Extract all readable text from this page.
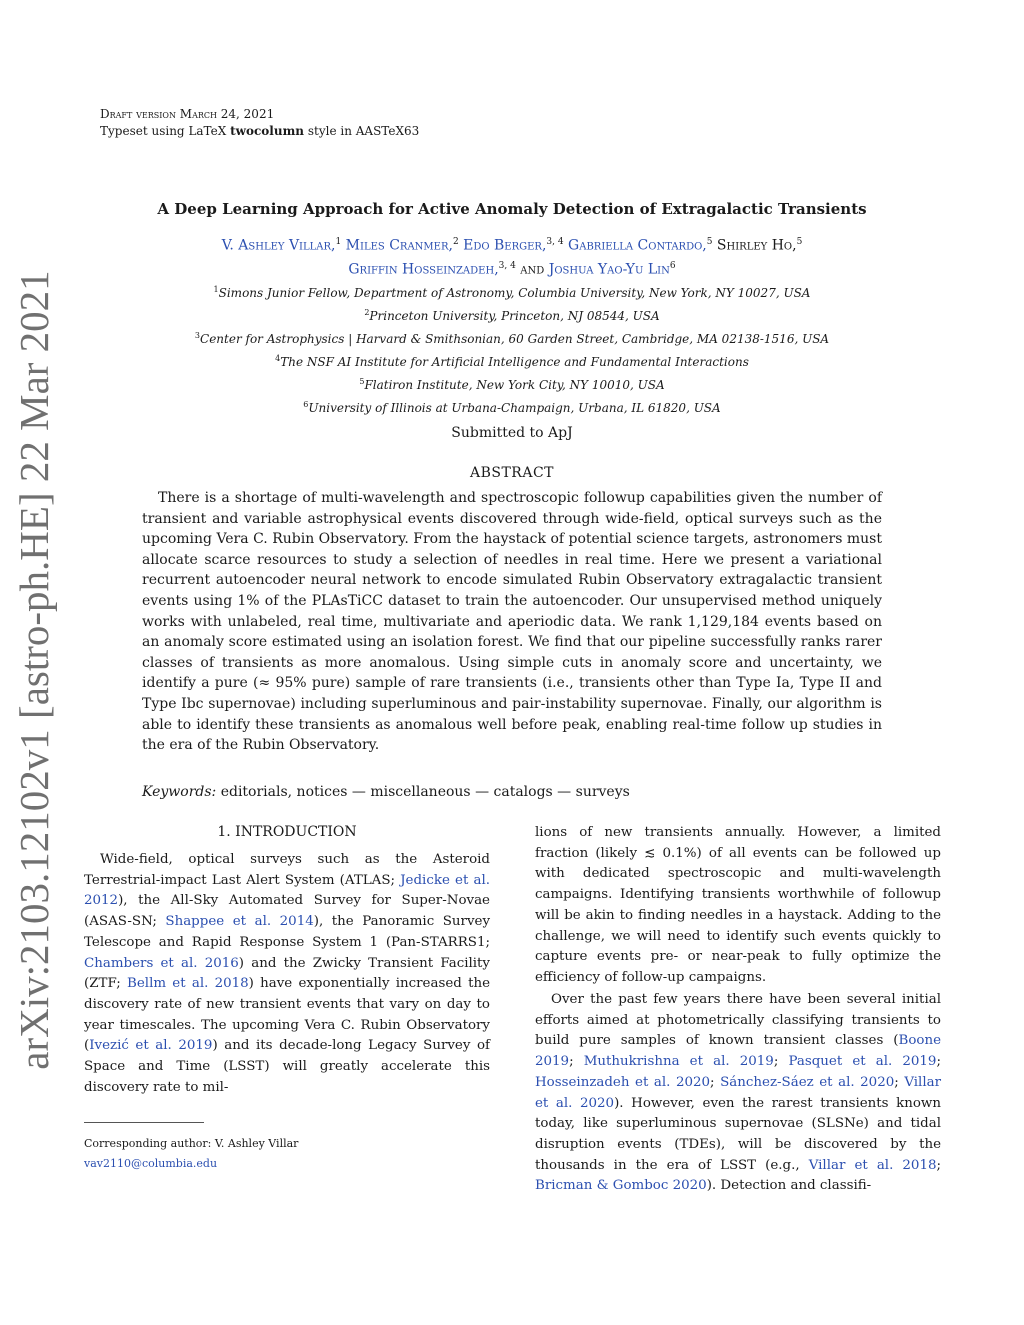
arXiv:2103.12102v1 [astro-ph.HE] 22 Mar 2021
Draft version March 24, 2021
Typeset using LaTeX twocolumn style in AASTeX63
A Deep Learning Approach for Active Anomaly Detection of Extragalactic Transients
V. Ashley Villar,$^1$ Miles Cranmer,$^2$ Edo Berger,$^{3, 4}$ Gabriella Contardo,$^5$ Shirley Ho,$^5$
Griffin Hosseinzadeh,$^{3, 4}$ and Joshua Yao-Yu Lin$^6$
$^1$Simons Junior Fellow, Department of Astronomy, Columbia University, New York, NY 10027, USA
$^2$Princeton University, Princeton, NJ 08544, USA
$^3$Center for Astrophysics | Harvard & Smithsonian, 60 Garden Street, Cambridge, MA 02138-1516, USA
$^4$The NSF AI Institute for Artificial Intelligence and Fundamental Interactions
$^5$Flatiron Institute, New York City, NY 10010, USA
$^6$University of Illinois at Urbana-Champaign, Urbana, IL 61820, USA
Submitted to ApJ
ABSTRACT

There is a shortage of multi-wavelength and spectroscopic followup capabilities given the number of transient and variable astrophysical events discovered through wide-field, optical surveys such as the upcoming Vera C. Rubin Observatory. From the haystack of potential science targets, astronomers must allocate scarce resources to study a selection of needles in real time. Here we present a variational recurrent autoencoder neural network to encode simulated Rubin Observatory extragalactic transient events using 1% of the PLAsTiCC dataset to train the autoencoder. Our unsupervised method uniquely works with unlabeled, real time, multivariate and aperiodic data. We rank 1,129,184 events based on an anomaly score estimated using an isolation forest. We find that our pipeline successfully ranks rarer classes of transients as more anomalous. Using simple cuts in anomaly score and uncertainty, we identify a pure (≈ 95% pure) sample of rare transients (i.e., transients other than Type Ia, Type II and Type Ibc supernovae) including superluminous and pair-instability supernovae. Finally, our algorithm is able to identify these transients as anomalous well before peak, enabling real-time follow up studies in the era of the Rubin Observatory.

Keywords: editorials, notices — miscellaneous — catalogs — surveys
1. INTRODUCTION

Wide-field, optical surveys such as the Asteroid Terrestrial-impact Last Alert System (ATLAS; Jedicke et al. 2012), the All-Sky Automated Survey for Super-Novae (ASAS-SN; Shappee et al. 2014), the Panoramic Survey Telescope and Rapid Response System 1 (Pan-STARRS1; Chambers et al. 2016) and the Zwicky Transient Facility (ZTF; Bellm et al. 2018) have exponentially increased the discovery rate of new transient events that vary on day to year timescales. The upcoming Vera C. Rubin Observatory (Ivezić et al. 2019) and its decade-long Legacy Survey of Space and Time (LSST) will greatly accelerate this discovery rate to mil-

Corresponding author: V. Ashley Villar
vav2110@columbia.edu

lions of new transients annually. However, a limited fraction (likely ≲ 0.1%) of all events can be followed up with dedicated spectroscopic and multi-wavelength campaigns. Identifying transients worthwhile of followup will be akin to finding needles in a haystack. Adding to the challenge, we will need to identify such events quickly to capture events pre- or near-peak to fully optimize the efficiency of follow-up campaigns.

Over the past few years there have been several initial efforts aimed at photometrically classifying transients to build pure samples of known transient classes (Boone 2019; Muthukrishna et al. 2019; Pasquet et al. 2019; Hosseinzadeh et al. 2020; Sánchez-Sáez et al. 2020; Villar et al. 2020). However, even the rarest transients known today, like superluminous supernovae (SLSNe) and tidal disruption events (TDEs), will be discovered by the thousands in the era of LSST (e.g., Villar et al. 2018; Bricman & Gomboc 2020). Detection and classifi-
